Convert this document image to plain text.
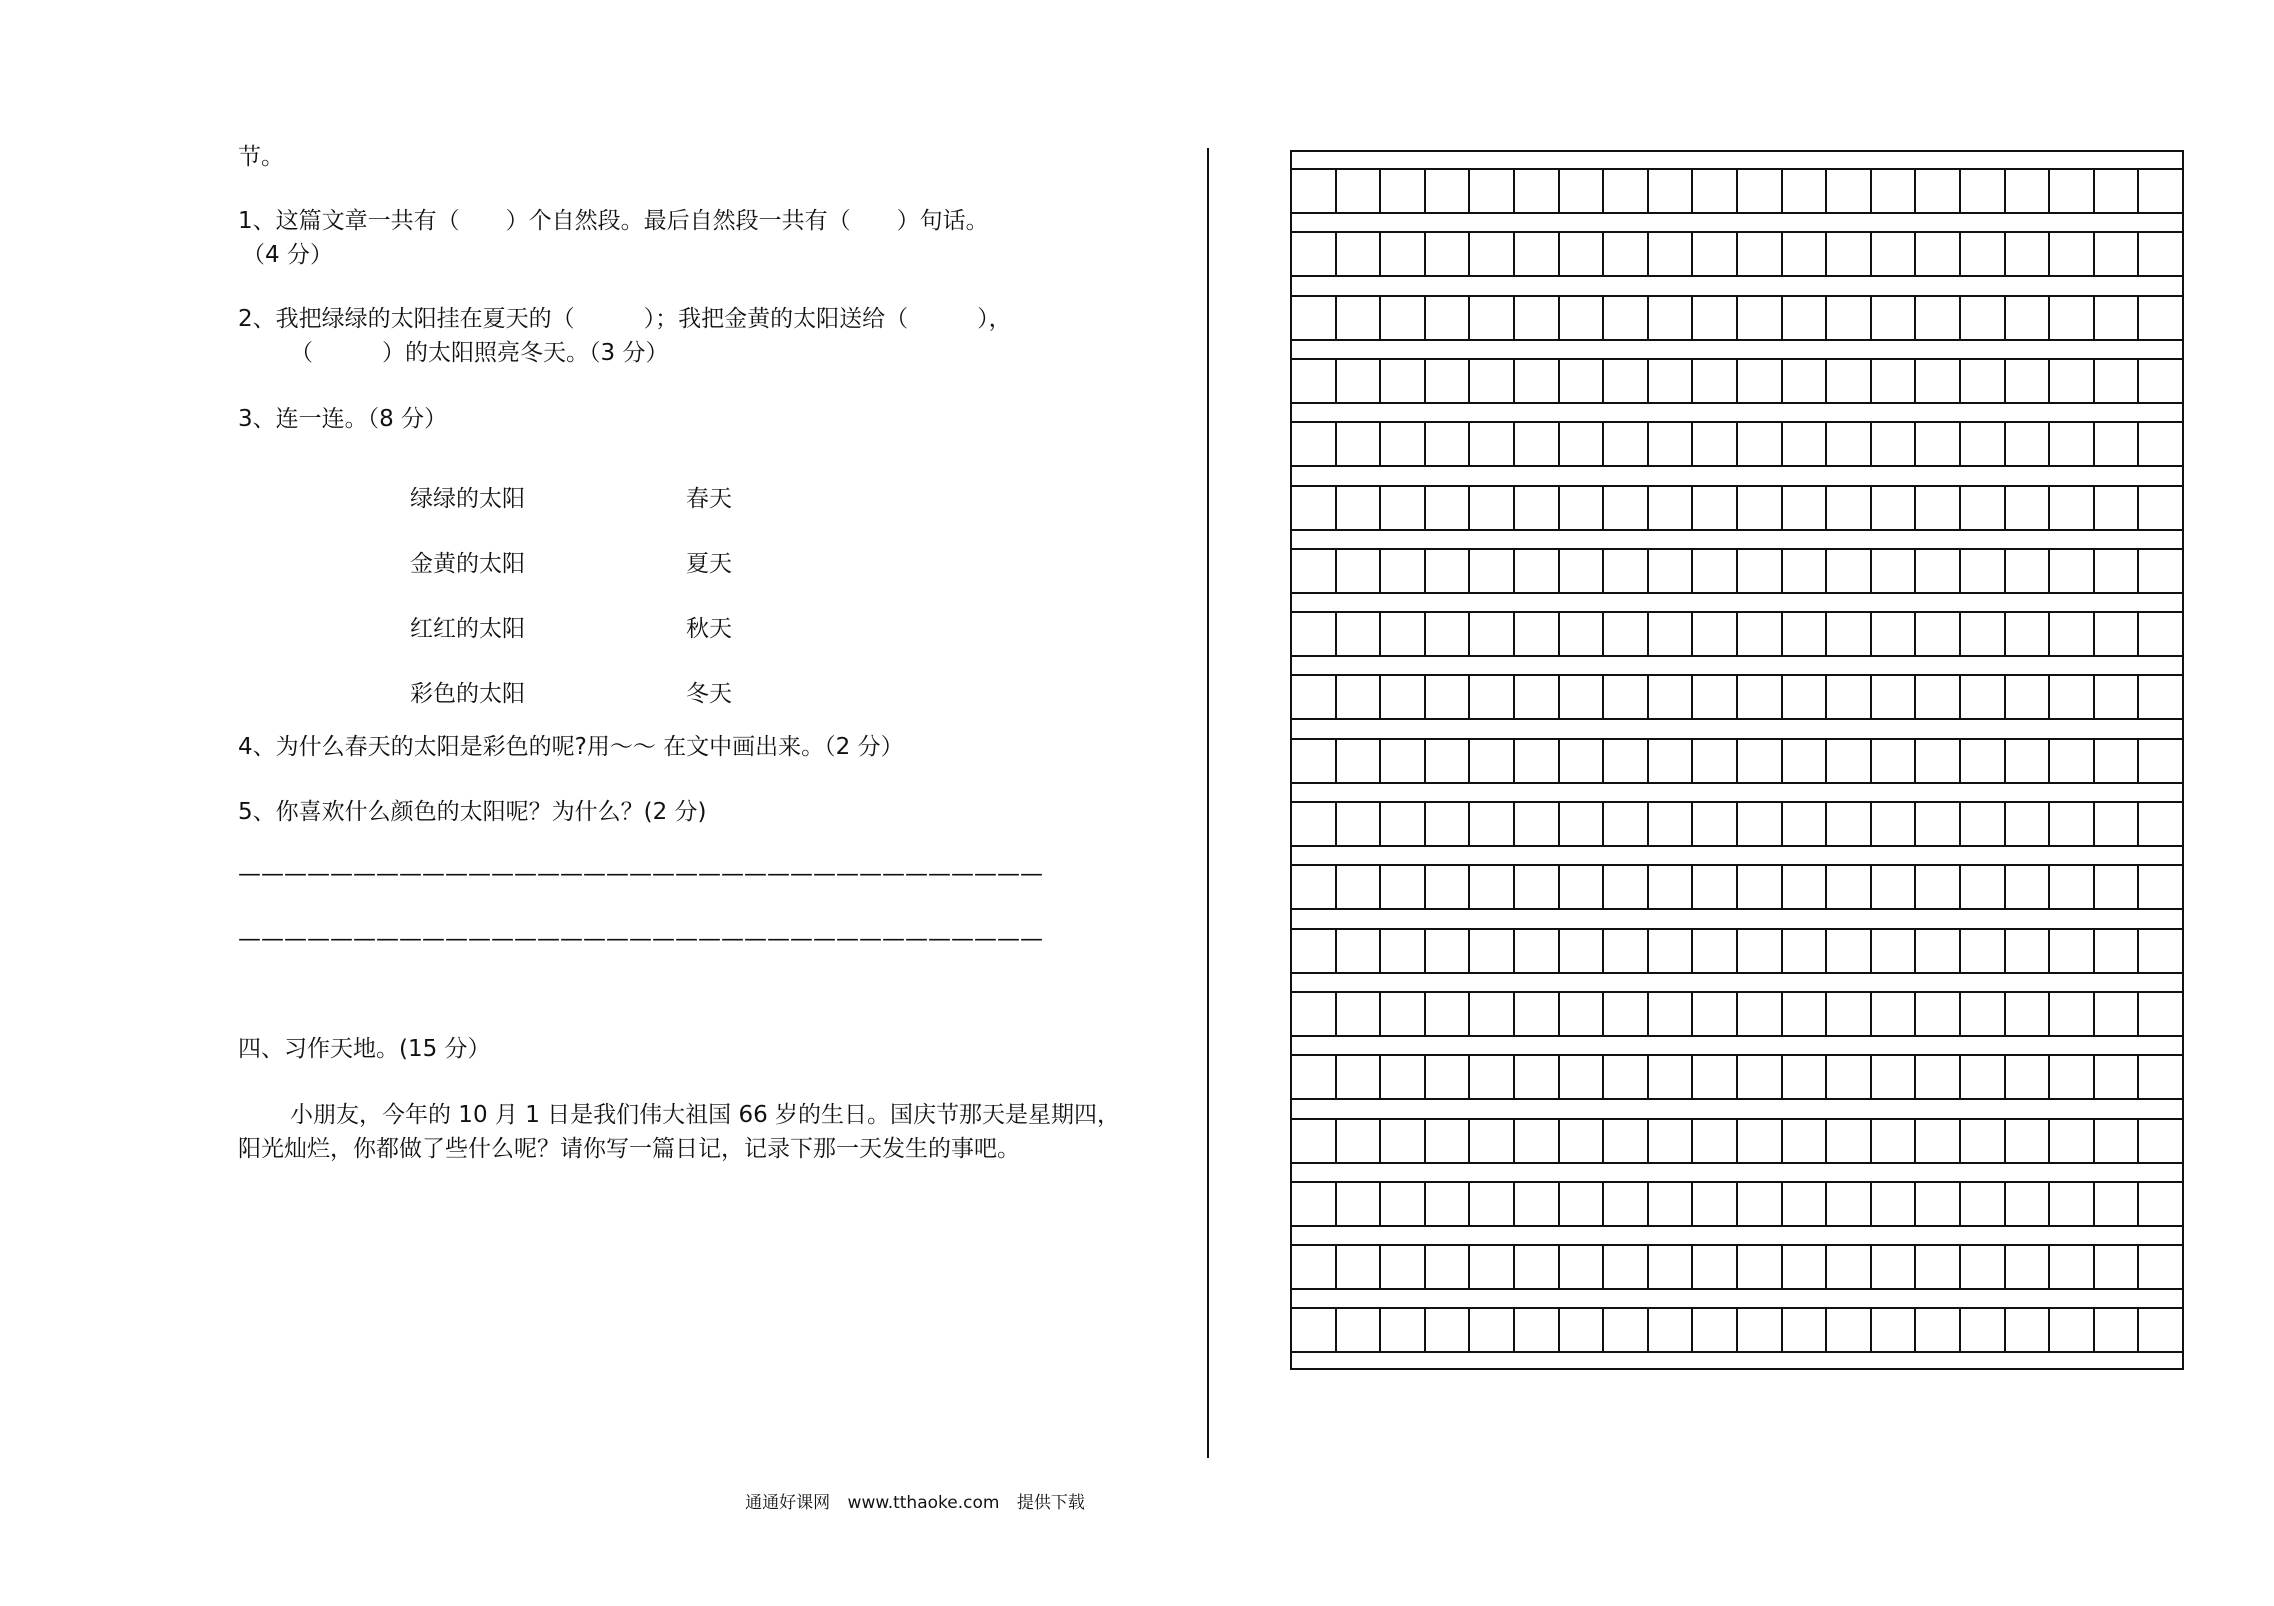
节。
1、这篇文章一共有（　　）个自然段。最后自然段一共有（　　）句话。
（4 分）
2、我把绿绿的太阳挂在夏天的（　　　）；我把金黄的太阳送给（　　　），
（　　　）的太阳照亮冬天。（3 分）
3、连一连。（8 分）
绿绿的太阳	春天
金黄的太阳	夏天
红红的太阳	秋天
彩色的太阳	冬天
4、为什么春天的太阳是彩色的呢?用～～ 在文中画出来。（2 分）
5、你喜欢什么颜色的太阳呢？为什么？(2 分)
———————————————————————————————————
———————————————————————————————————
四、习作天地。(15 分）
小朋友，今年的 10 月 1 日是我们伟大祖国 66 岁的生日。国庆节那天是星期四，
阳光灿烂，你都做了些什么呢？请你写一篇日记，记录下那一天发生的事吧。
通通好课网 www.tthaoke.com 提供下载
